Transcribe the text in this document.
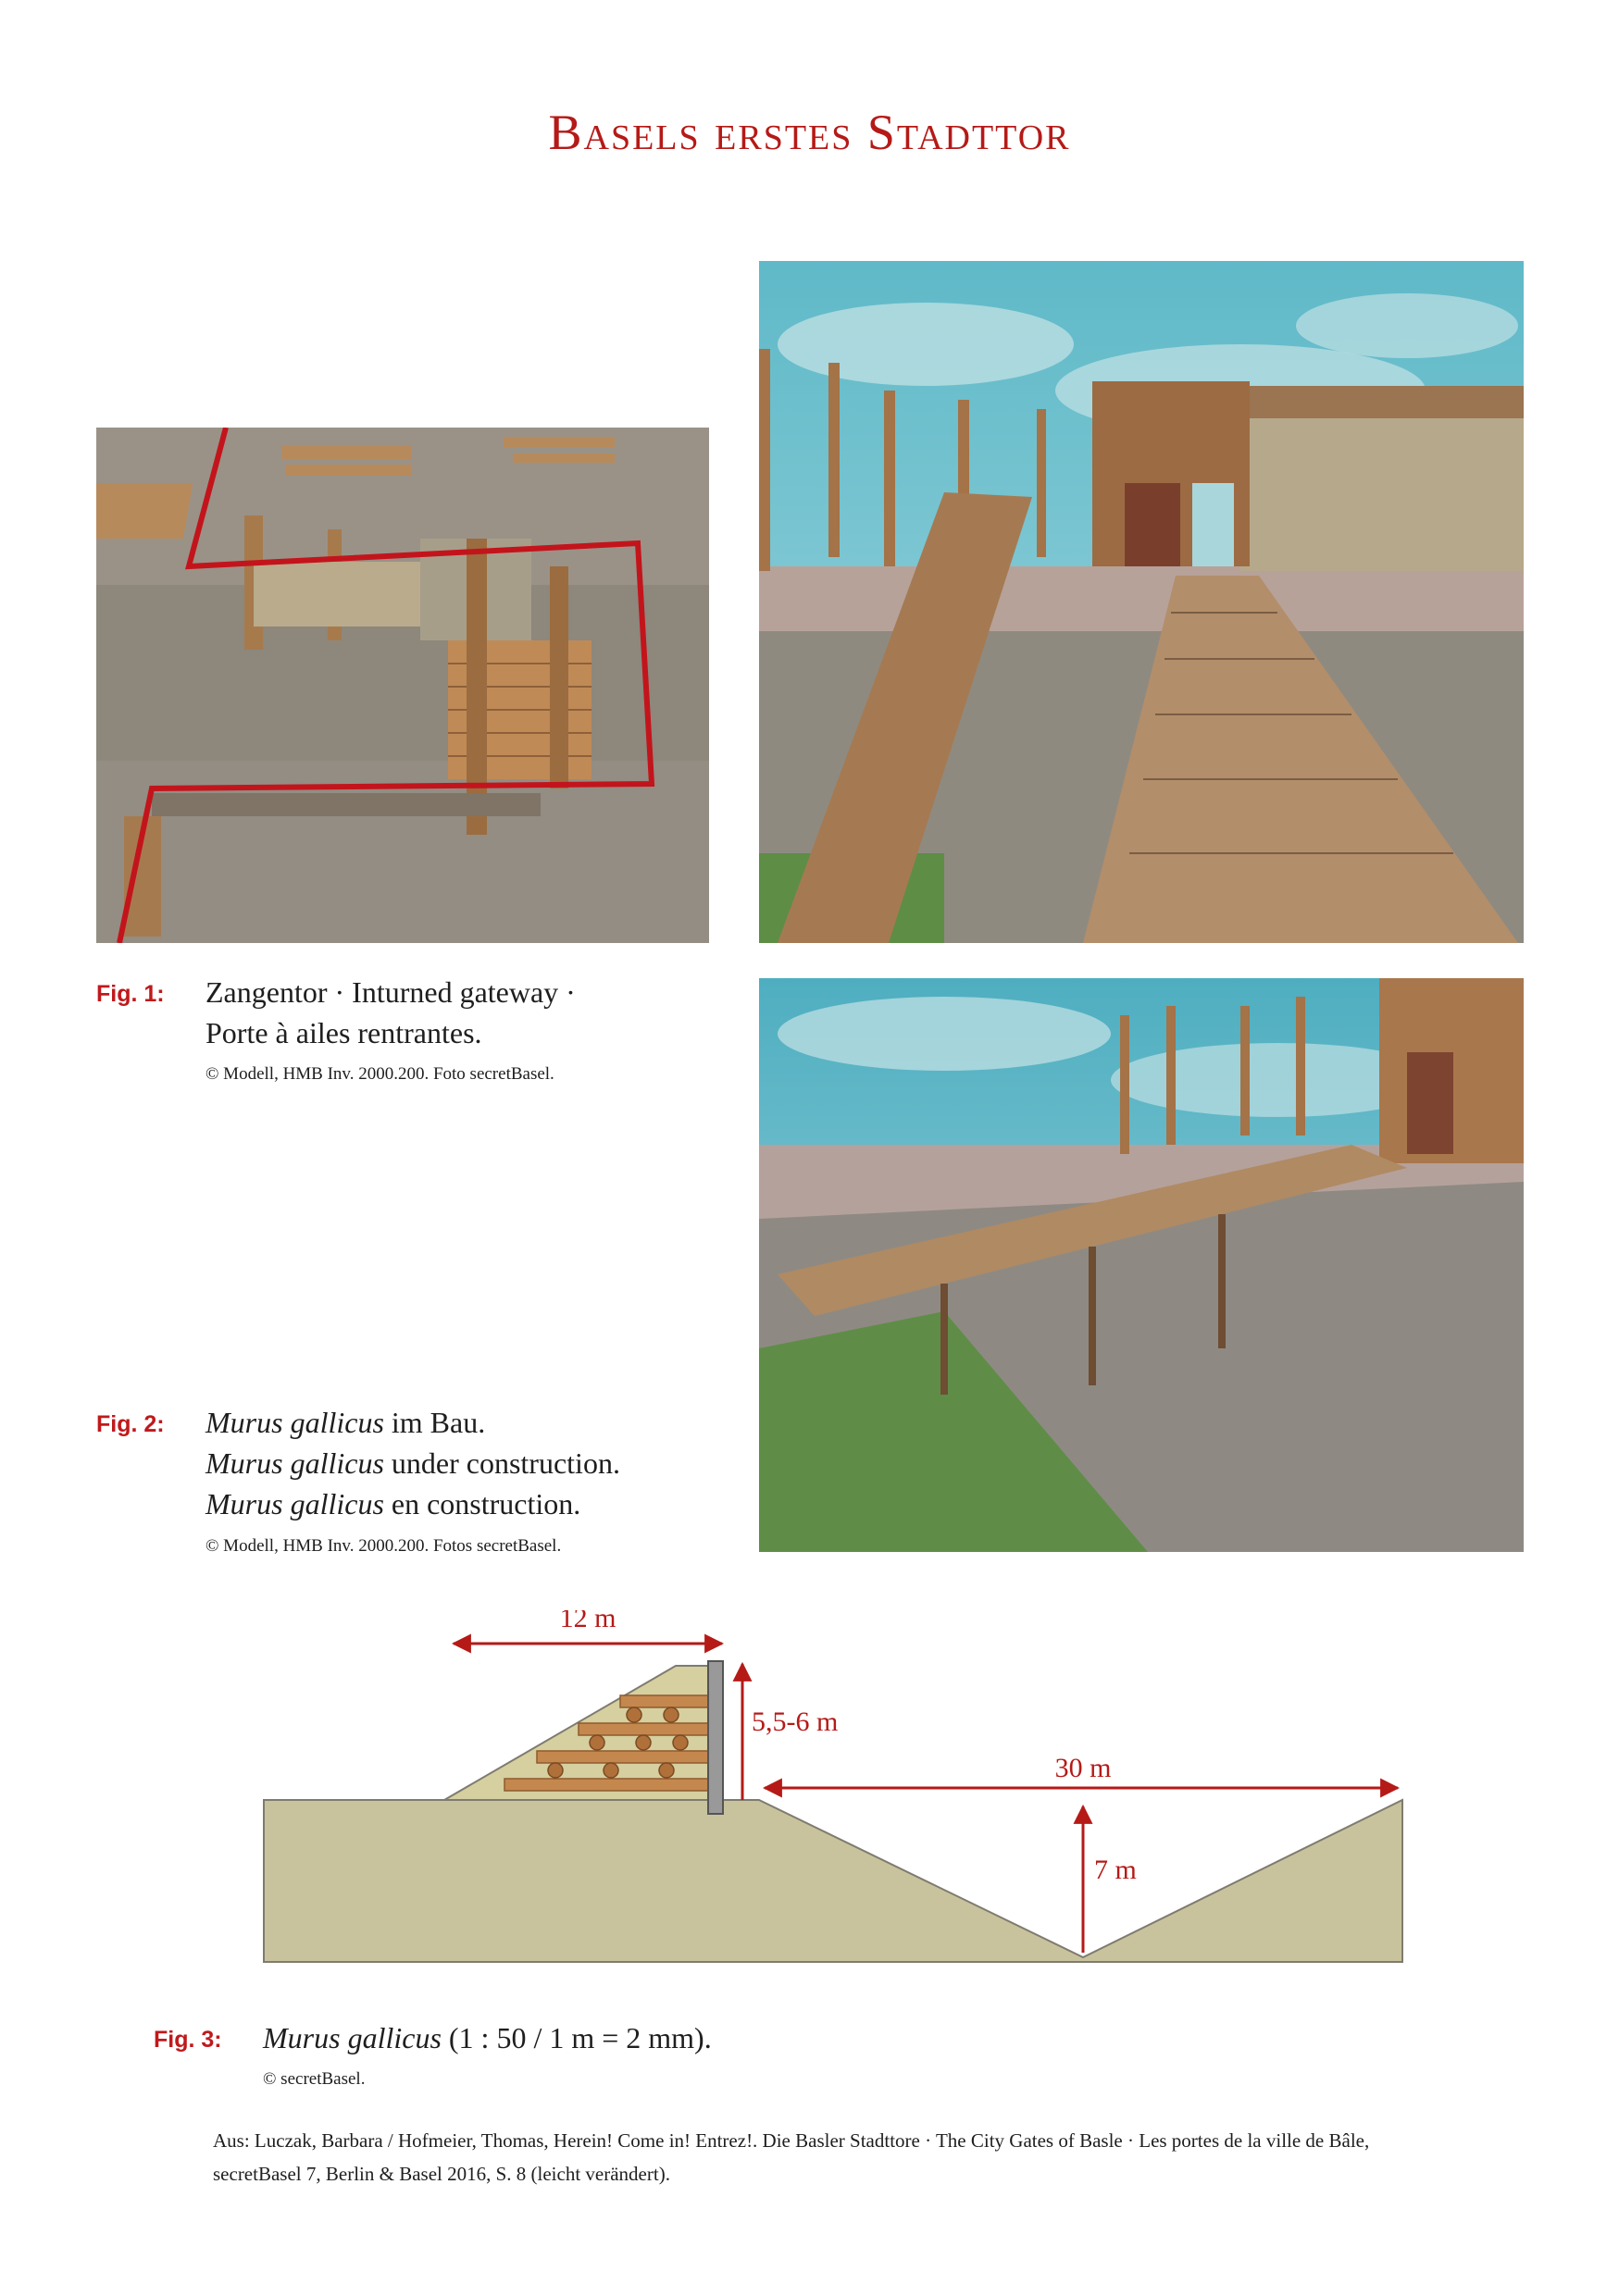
Basels erstes Stadttor
Fig. 1: Zangentor · Inturned gateway ·
Porte à ailes rentrantes.
© Modell, HMB Inv. 2000.200. Foto secretBasel.
Fig. 2: Murus gallicus im Bau.
Murus gallicus under construction.
Murus gallicus en construction.
© Modell, HMB Inv. 2000.200. Fotos secretBasel.
12 m
5,5-6 m
30 m
7 m
Fig. 3: Murus gallicus (1 : 50 / 1 m = 2 mm).
© secretBasel.
Aus: Luczak, Barbara / Hofmeier, Thomas, Herein! Come in! Entrez!. Die Basler Stadttore · The City Gates of Basle · Les portes de la ville de Bâle,
secretBasel 7, Berlin & Basel 2016, S. 8 (leicht verändert).
